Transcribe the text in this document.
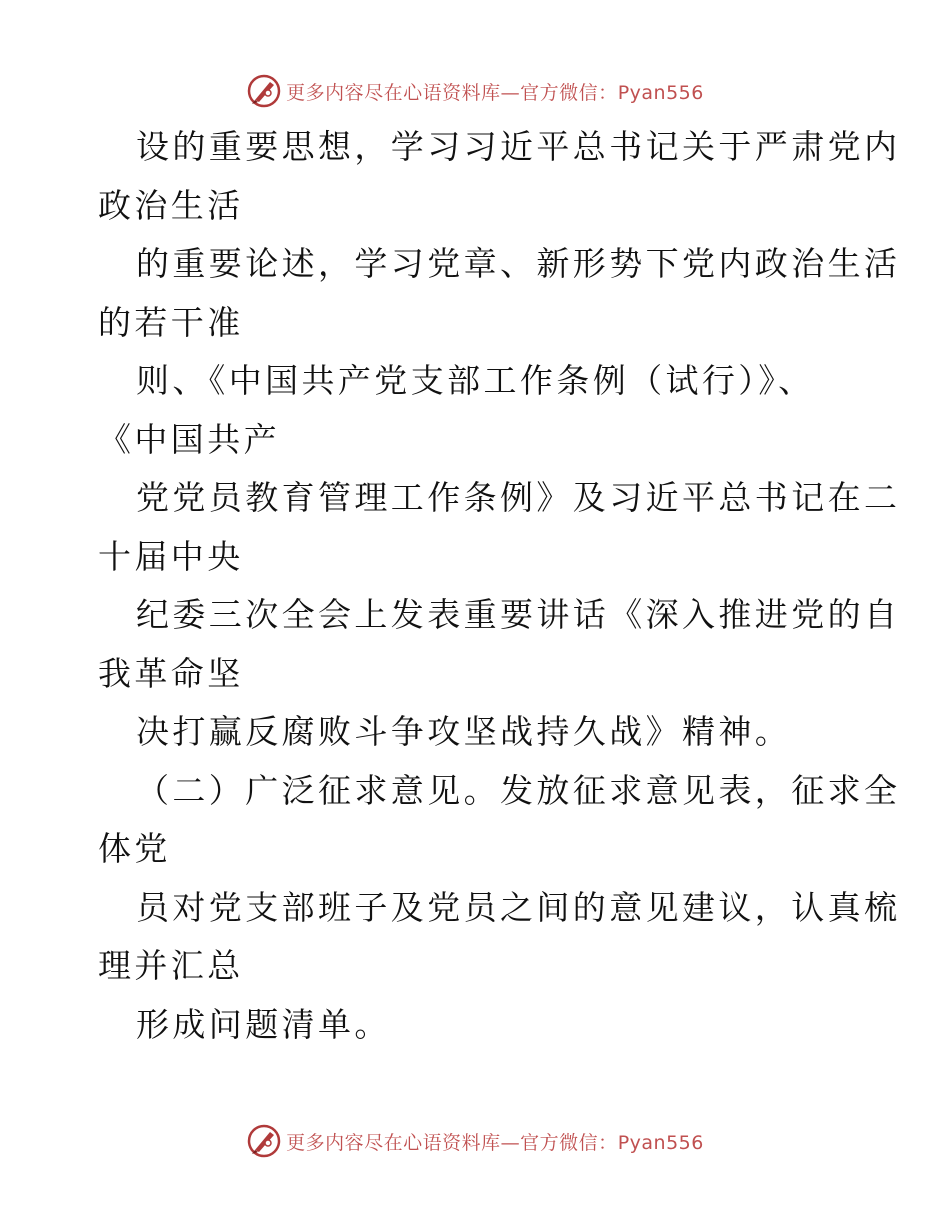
更多内容尽在心语资料库—官方微信：Pyan556
设的重要思想，学习习近平总书记关于严肃党内
政治生活
的重要论述，学习党章、新形势下党内政治生活
的若干准
则、《中国共产党支部工作条例（试行）》、
《中国共产
党党员教育管理工作条例》及习近平总书记在二
十届中央
纪委三次全会上发表重要讲话《深入推进党的自
我革命坚
决打赢反腐败斗争攻坚战持久战》精神。
（二）广泛征求意见。发放征求意见表，征求全
体党
员对党支部班子及党员之间的意见建议，认真梳
理并汇总
形成问题清单。
更多内容尽在心语资料库—官方微信：Pyan556
